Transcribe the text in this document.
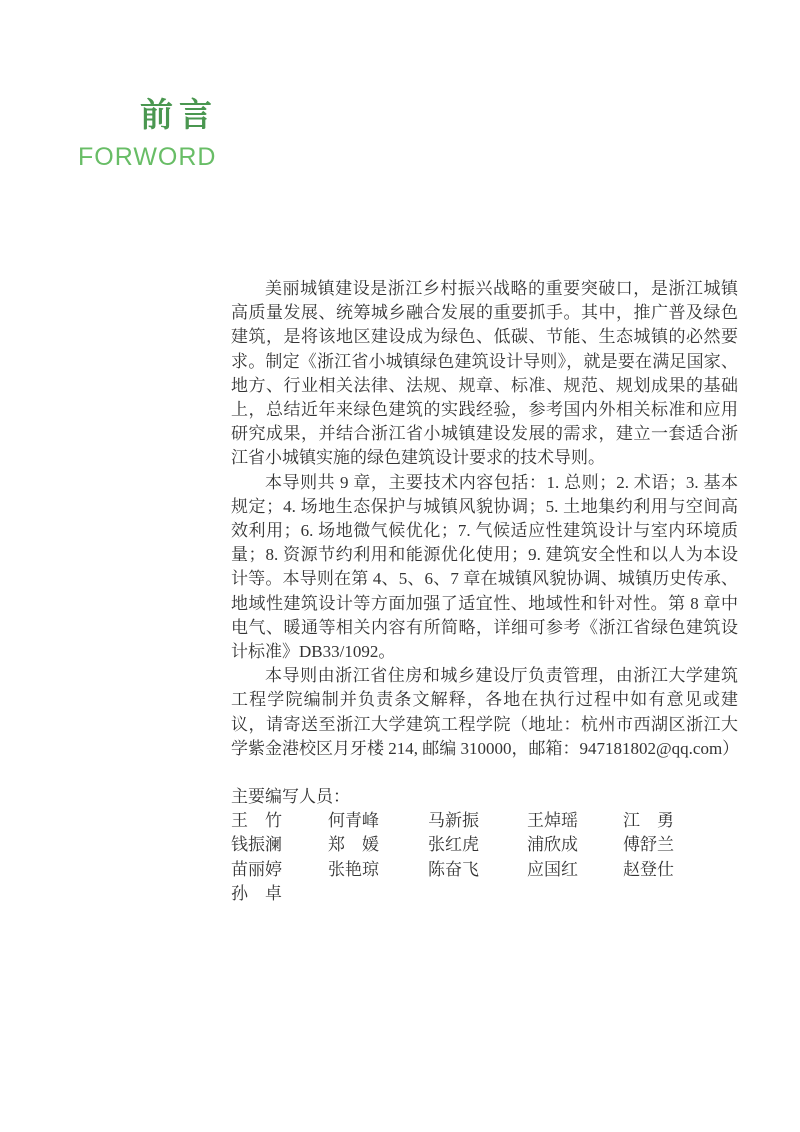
前言
FORWORD

美丽城镇建设是浙江乡村振兴战略的重要突破口，是浙江城镇高质量发展、统筹城乡融合发展的重要抓手。其中，推广普及绿色建筑，是将该地区建设成为绿色、低碳、节能、生态城镇的必然要求。制定《浙江省小城镇绿色建筑设计导则》，就是要在满足国家、地方、行业相关法律、法规、规章、标准、规范、规划成果的基础上，总结近年来绿色建筑的实践经验，参考国内外相关标准和应用研究成果，并结合浙江省小城镇建设发展的需求，建立一套适合浙江省小城镇实施的绿色建筑设计要求的技术导则。

本导则共 9 章，主要技术内容包括：1. 总则；2. 术语；3. 基本规定；4. 场地生态保护与城镇风貌协调；5. 土地集约利用与空间高效利用；6. 场地微气候优化；7. 气候适应性建筑设计与室内环境质量；8. 资源节约利用和能源优化使用；9. 建筑安全性和以人为本设计等。本导则在第 4、5、6、7 章在城镇风貌协调、城镇历史传承、地域性建筑设计等方面加强了适宜性、地域性和针对性。第 8 章中电气、暖通等相关内容有所简略，详细可参考《浙江省绿色建筑设计标准》DB33/1092。

本导则由浙江省住房和城乡建设厅负责管理，由浙江大学建筑工程学院编制并负责条文解释，各地在执行过程中如有意见或建议，请寄送至浙江大学建筑工程学院（地址：杭州市西湖区浙江大学紫金港校区月牙楼 214, 邮编 310000，邮箱：947181802@qq.com）

主要编写人员：
王　竹	何青峰	马新振	王焯瑶	江　勇
钱振澜	郑　媛	张红虎	浦欣成	傅舒兰
苗丽婷	张艳琼	陈奋飞	应国红	赵登仕
孙　卓
